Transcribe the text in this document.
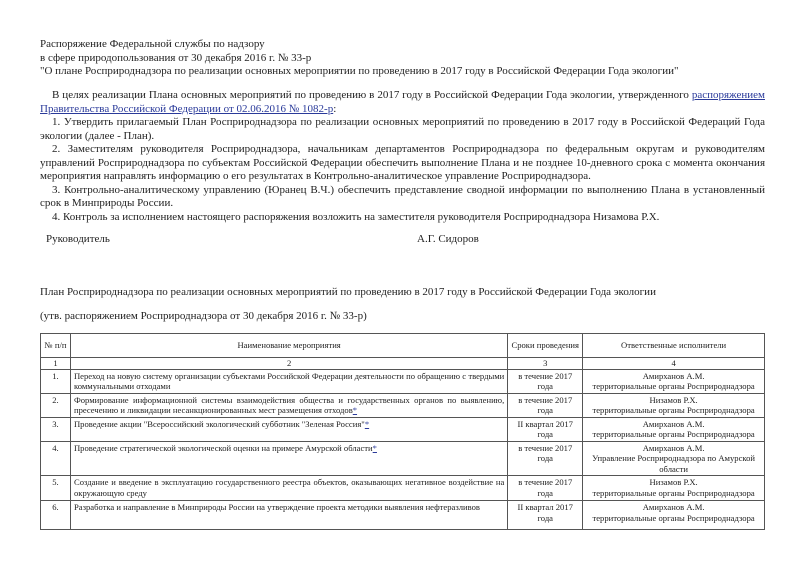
Распоряжение Федеральной службы по надзору
в сфере природопользования от 30 декабря 2016 г. № 33-р
"О плане Росприроднадзора по реализации основных мероприятии по проведению в 2017 году в Российской Федерации Года экологии"

В целях реализации Плана основных мероприятий по проведению в 2017 году в Российской Федерации Года экологии, утвержденного распоряжением Правительства Российской Федерации от 02.06.2016 № 1082-р:

1. Утвердить прилагаемый План Росприроднадзора по реализации основных мероприятий по проведению в 2017 году в Российской Федераций Года экологии (далее - План).

2. Заместителям руководителя Росприроднадзора, начальникам департаментов Росприроднадзора по федеральным округам и руководителям управлений Росприроднадзора по субъектам Российской Федерации обеспечить выполнение Плана и не позднее 10-дневного срока с момента окончания мероприятия направлять информацию о его результатах в Контрольно-аналитическое управление Росприроднадзора.

3. Контрольно-аналитическому управлению (Юранец В.Ч.) обеспечить представление сводной информации по выполнению Плана в установленный срок в Минприроды России.

4. Контроль за исполнением настоящего распоряжения возложить на заместителя руководителя Росприроднадзора Низамова Р.Х.

Руководитель	А.Г. Сидоров
План Росприроднадзора по реализации основных мероприятий по проведению в 2017 году в Российской Федерации Года экологии
(утв. распоряжением Росприроднадзора от 30 декабря 2016 г. № 33-р)
№ п/п	Наименование мероприятия	Сроки проведения	Ответственные исполнители
1	2	3	4
1.	Переход на новую систему организации субъектами Российской Федерации деятельности по обращению с твердыми коммунальными отходами	в течение 2017 года	Амирханов А.М.
территориальные органы Росприроднадзора

2.	Формирование информационной системы взаимодействия общества и государственных органов по выявлению, пресечению и ликвидации несанкционированных мест размещения отходов*	в течение 2017 года	Низамов Р.Х.
территориальные органы Росприроднадзора

3.	Проведение акции "Всероссийский экологический субботник "Зеленая Россия"*	II квартал 2017 года	Амирханов А.М.
территориальные органы Росприроднадзора

4.	Проведение стратегической экологической оценки на примере Амурской области*	в течение 2017 года	Амирханов А.М.
Управление Росприроднадзора по Амурской области

5.	Создание и введение в эксплуатацию государственного реестра объектов, оказывающих негативное воздействие на окружающую среду	в течение 2017 года	Низамов Р.Х.
территориальные органы Росприроднадзора

6.	Разработка и направление в Минприроды России на утверждение проекта методики выявления нефтеразливов	II квартал 2017 года	Амирханов А.М.
территориальные органы Росприроднадзора
